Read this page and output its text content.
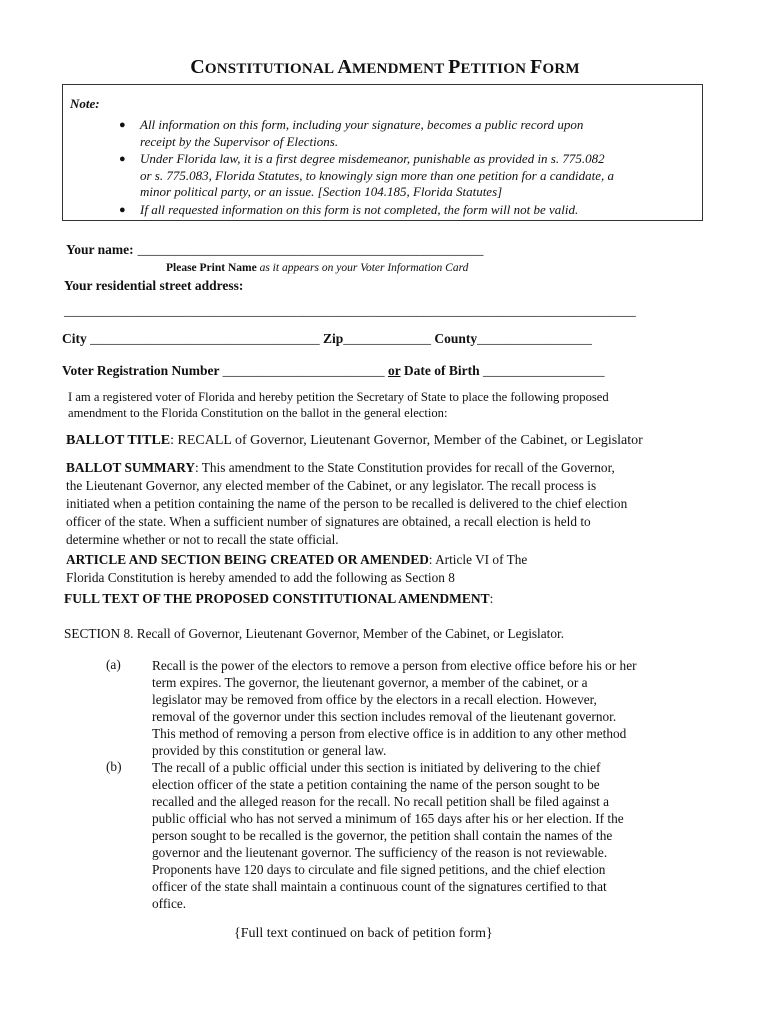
CONSTITUTIONAL AMENDMENT PETITION FORM
Note:
● All information on this form, including your signature, becomes a public record upon
receipt by the Supervisor of Elections.
● Under Florida law, it is a first degree misdemeanor, punishable as provided in s. 775.082
or s. 775.083, Florida Statutes, to knowingly sign more than one petition for a candidate, a
minor political party, or an issue. [Section 104.185, Florida Statutes]
● If all requested information on this form is not completed, the form will not be valid.
Your name: ____________________________________________________
Please Print Name as it appears on your Voter Information Card
Your residential street address:
______________________________________________________________________________________
City __________________________________ Zip_____________ County_________________
Voter Registration Number ________________________ or Date of Birth __________________
I am a registered voter of Florida and hereby petition the Secretary of State to place the following proposed
amendment to the Florida Constitution on the ballot in the general election:
BALLOT TITLE: RECALL of Governor, Lieutenant Governor, Member of the Cabinet, or Legislator
BALLOT SUMMARY: This amendment to the State Constitution provides for recall of the Governor,
the Lieutenant Governor, any elected member of the Cabinet, or any legislator. The recall process is
initiated when a petition containing the name of the person to be recalled is delivered to the chief election
officer of the state. When a sufficient number of signatures are obtained, a recall election is held to
determine whether or not to recall the state official.
ARTICLE AND SECTION BEING CREATED OR AMENDED: Article VI of The
Florida Constitution is hereby amended to add the following as Section 8
FULL TEXT OF THE PROPOSED CONSTITUTIONAL AMENDMENT:
SECTION 8. Recall of Governor, Lieutenant Governor, Member of the Cabinet, or Legislator.
(a) Recall is the power of the electors to remove a person from elective office before his or her
term expires. The governor, the lieutenant governor, a member of the cabinet, or a
legislator may be removed from office by the electors in a recall election. However,
removal of the governor under this section includes removal of the lieutenant governor.
This method of removing a person from elective office is in addition to any other method
provided by this constitution or general law.
(b) The recall of a public official under this section is initiated by delivering to the chief
election officer of the state a petition containing the name of the person sought to be
recalled and the alleged reason for the recall. No recall petition shall be filed against a
public official who has not served a minimum of 165 days after his or her election. If the
person sought to be recalled is the governor, the petition shall contain the names of the
governor and the lieutenant governor. The sufficiency of the reason is not reviewable.
Proponents have 120 days to circulate and file signed petitions, and the chief election
officer of the state shall maintain a continuous count of the signatures certified to that
office.
{Full text continued on back of petition form}
